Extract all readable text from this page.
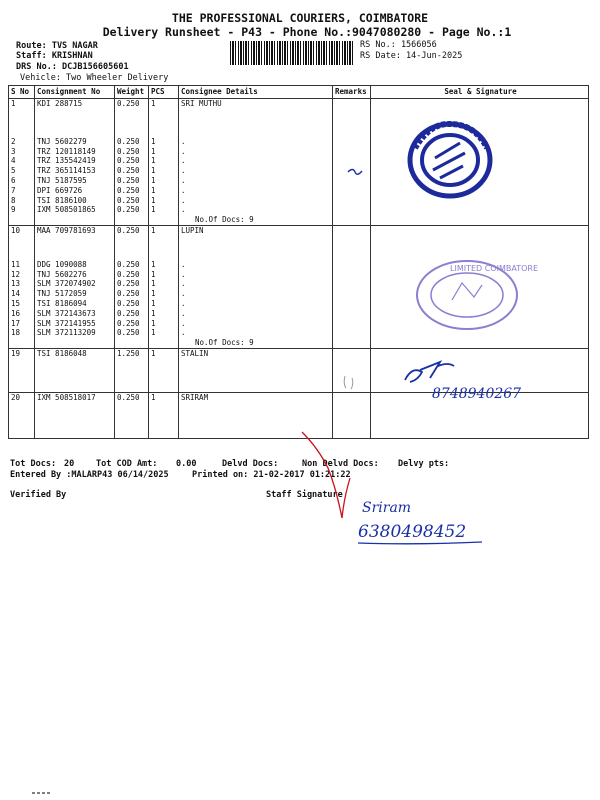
THE PROFESSIONAL COURIERS, COIMBATORE
Delivery Runsheet - P43 - Phone No.:9047080280 - Page No.:1
Route: TVS NAGAR
Staff: KRISHNAN
DRS No.: DCJB156605601
Vehicle: Two Wheeler Delivery
RS No.: 1566056
RS Date: 14-Jun-2025
S No	Consignment No	Weight	PCS	Consignee Details	Remarks	Seal & Signature
1	KDI 288715	0.250	1	SRI MUTHU		

2	TNJ 5602279	0.250	1	.		
3	TRZ 120118149	0.250	1	.		
4	TRZ 135542419	0.250	1	.		
5	TRZ 365114153	0.250	1	.		
6	TNJ 5187595	0.250	1	.		
7	DPI 669726	0.250	1	.		
8	TSI 8186100	0.250	1	.		
9	IXM 508501865	0.250	1	.		
				No.Of Docs: 9		
10	MAA 709781693	0.250	1	LUPIN		

11	DDG 1090088	0.250	1	.		
12	TNJ 5602276	0.250	1	.		
13	SLM 372074902	0.250	1	.		
14	TNJ 5172059	0.250	1	.		
15	TSI 8186094	0.250	1	.		
16	SLM 372143673	0.250	1	.		
17	SLM 372141955	0.250	1	.		
18	SLM 372113209	0.250	1	.		
				No.Of Docs: 9		
19	TSI 8186048	1.250	1	STALIN		

20	IXM 508518017	0.250	1	SRIRAM		

LIMITED COIMBATORE
8748940267
Tot Docs: 20	Tot COD Amt: 0.00	Delvd Docs:	Non Delvd Docs: Delvy pts:
Entered By :MALARP43 06/14/2025	Printed on: 21-02-2017 01:21:22
Verified By	Staff Signature
Sriram
6380498452
